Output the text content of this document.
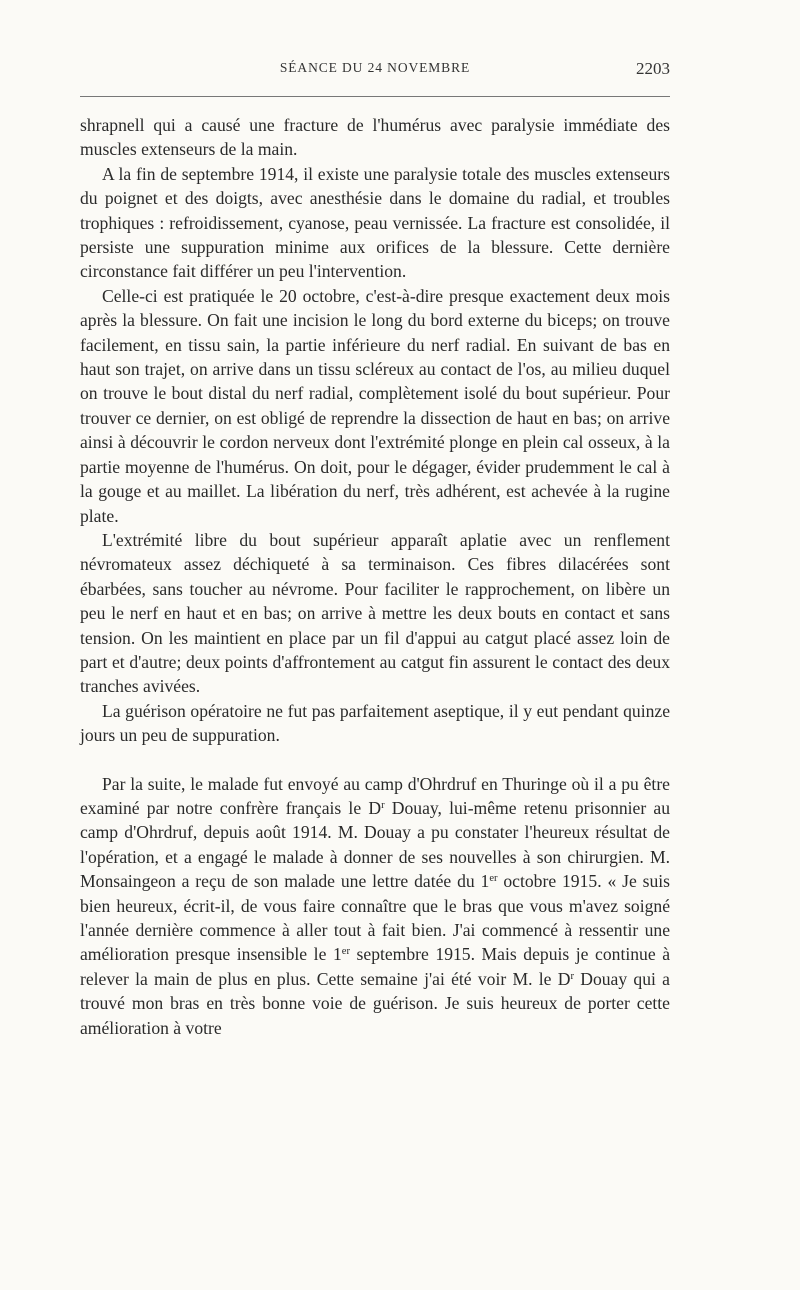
SÉANCE DU 24 NOVEMBRE	2203

shrapnell qui a causé une fracture de l'humérus avec paralysie immédiate des muscles extenseurs de la main.

A la fin de septembre 1914, il existe une paralysie totale des muscles extenseurs du poignet et des doigts, avec anesthésie dans le domaine du radial, et troubles trophiques : refroidissement, cyanose, peau vernissée. La fracture est consolidée, il persiste une suppuration minime aux orifices de la blessure. Cette dernière circonstance fait différer un peu l'intervention.

Celle-ci est pratiquée le 20 octobre, c'est-à-dire presque exactement deux mois après la blessure. On fait une incision le long du bord externe du biceps; on trouve facilement, en tissu sain, la partie inférieure du nerf radial. En suivant de bas en haut son trajet, on arrive dans un tissu scléreux au contact de l'os, au milieu duquel on trouve le bout distal du nerf radial, complètement isolé du bout supérieur. Pour trouver ce dernier, on est obligé de reprendre la dissection de haut en bas; on arrive ainsi à découvrir le cordon nerveux dont l'extrémité plonge en plein cal osseux, à la partie moyenne de l'humérus. On doit, pour le dégager, évider prudemment le cal à la gouge et au maillet. La libération du nerf, très adhérent, est achevée à la rugine plate.

L'extrémité libre du bout supérieur apparaît aplatie avec un renflement névromateux assez déchiqueté à sa terminaison. Ces fibres dilacérées sont ébarbées, sans toucher au névrome. Pour faciliter le rapprochement, on libère un peu le nerf en haut et en bas; on arrive à mettre les deux bouts en contact et sans tension. On les maintient en place par un fil d'appui au catgut placé assez loin de part et d'autre; deux points d'affrontement au catgut fin assurent le contact des deux tranches avivées.

La guérison opératoire ne fut pas parfaitement aseptique, il y eut pendant quinze jours un peu de suppuration.

Par la suite, le malade fut envoyé au camp d'Ohrdruf en Thuringe où il a pu être examiné par notre confrère français le $D^r$ Douay, lui-même retenu prisonnier au camp d'Ohrdruf, depuis août 1914. M. Douay a pu constater l'heureux résultat de l'opération, et a engagé le malade à donner de ses nouvelles à son chirurgien. M. Monsaingeon a reçu de son malade une lettre datée du 1er octobre 1915. « Je suis bien heureux, écrit-il, de vous faire connaître que le bras que vous m'avez soigné l'année dernière commence à aller tout à fait bien. J'ai commencé à ressentir une amélioration presque insensible le 1er septembre 1915. Mais depuis je continue à relever la main de plus en plus. Cette semaine j'ai été voir M. le $D^r$ Douay qui a trouvé mon bras en très bonne voie de guérison. Je suis heureux de porter cette amélioration à votre
